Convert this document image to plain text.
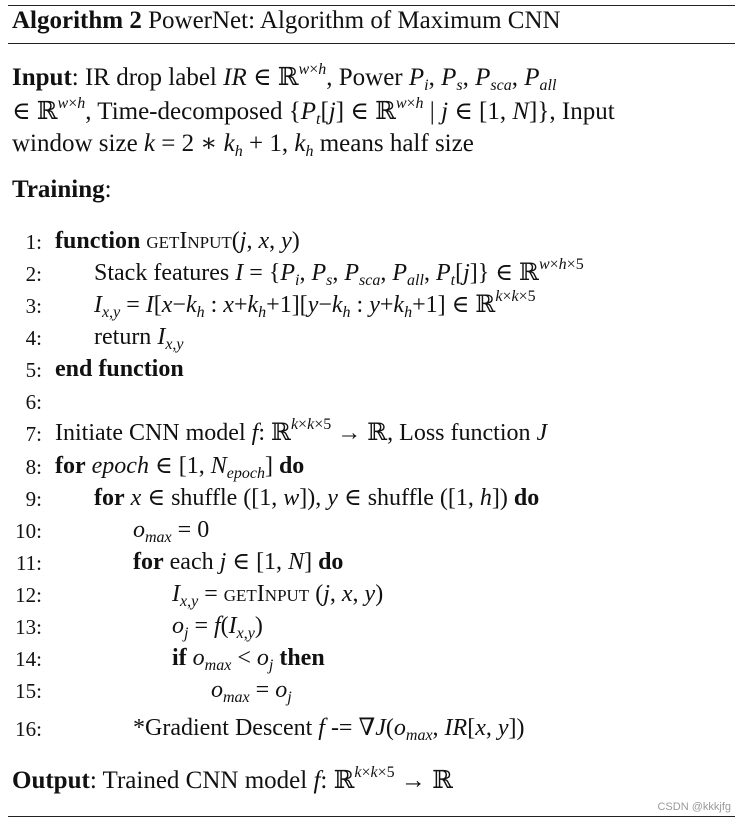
Algorithm 2 PowerNet: Algorithm of Maximum CNN
Input: IR drop label IR ∈ ℝ$^{w\times h}$, Power $P_i$, $P_s$, $P_{sca}$, $P_{all}$
∈ ℝ$^{w\times h}$, Time-decomposed {$P_t[j]$ ∈ ℝ$^{w\times h}$ | j ∈ [1, N]}, Input
window size k = 2 ∗ $k_h + 1$, $k_h$ means half size
Training:
1:
2:
3:
4:
5:
6:
7:
8:
9:
10:
11:
12:
13:
14:
15:
16:
function getInput(j, x, y)
Stack features $I = \{P_i$, $P_s$, $P_{sca}$, $P_{all}$, $P_t[j]$} ∈ ℝ$^{w\times h\times 5}$
$I_{x,y} = I[x-k_h$ : $x+k_h+1][y-k_h$ : $y+k_h+1$] ∈ ℝ$^{k\times k\times 5}$
return $I_{x,y}$
end function
Initiate CNN model f: ℝ$^{k\times k\times 5}$ → ℝ, Loss function J
for epoch ∈ [1, $N_{epoch}$] do
for x ∈ shuffle ([1, w]), y ∈ shuffle ([1, h]) do
$o_{max} = 0$
for each j ∈ [1, N] do
$I_{x,y}$ = getInput (j, x, y)
$o_j = f(I_{x,y})$
if $o_{max} < o_j$ then
$o_{max} = o_j$
*Gradient Descent $f -= \nabla J(o_{max}$, IR[x, y])
Output: Trained CNN model f: ℝ$^{k\times k\times 5}$ → ℝ
CSDN @kkkjfg
